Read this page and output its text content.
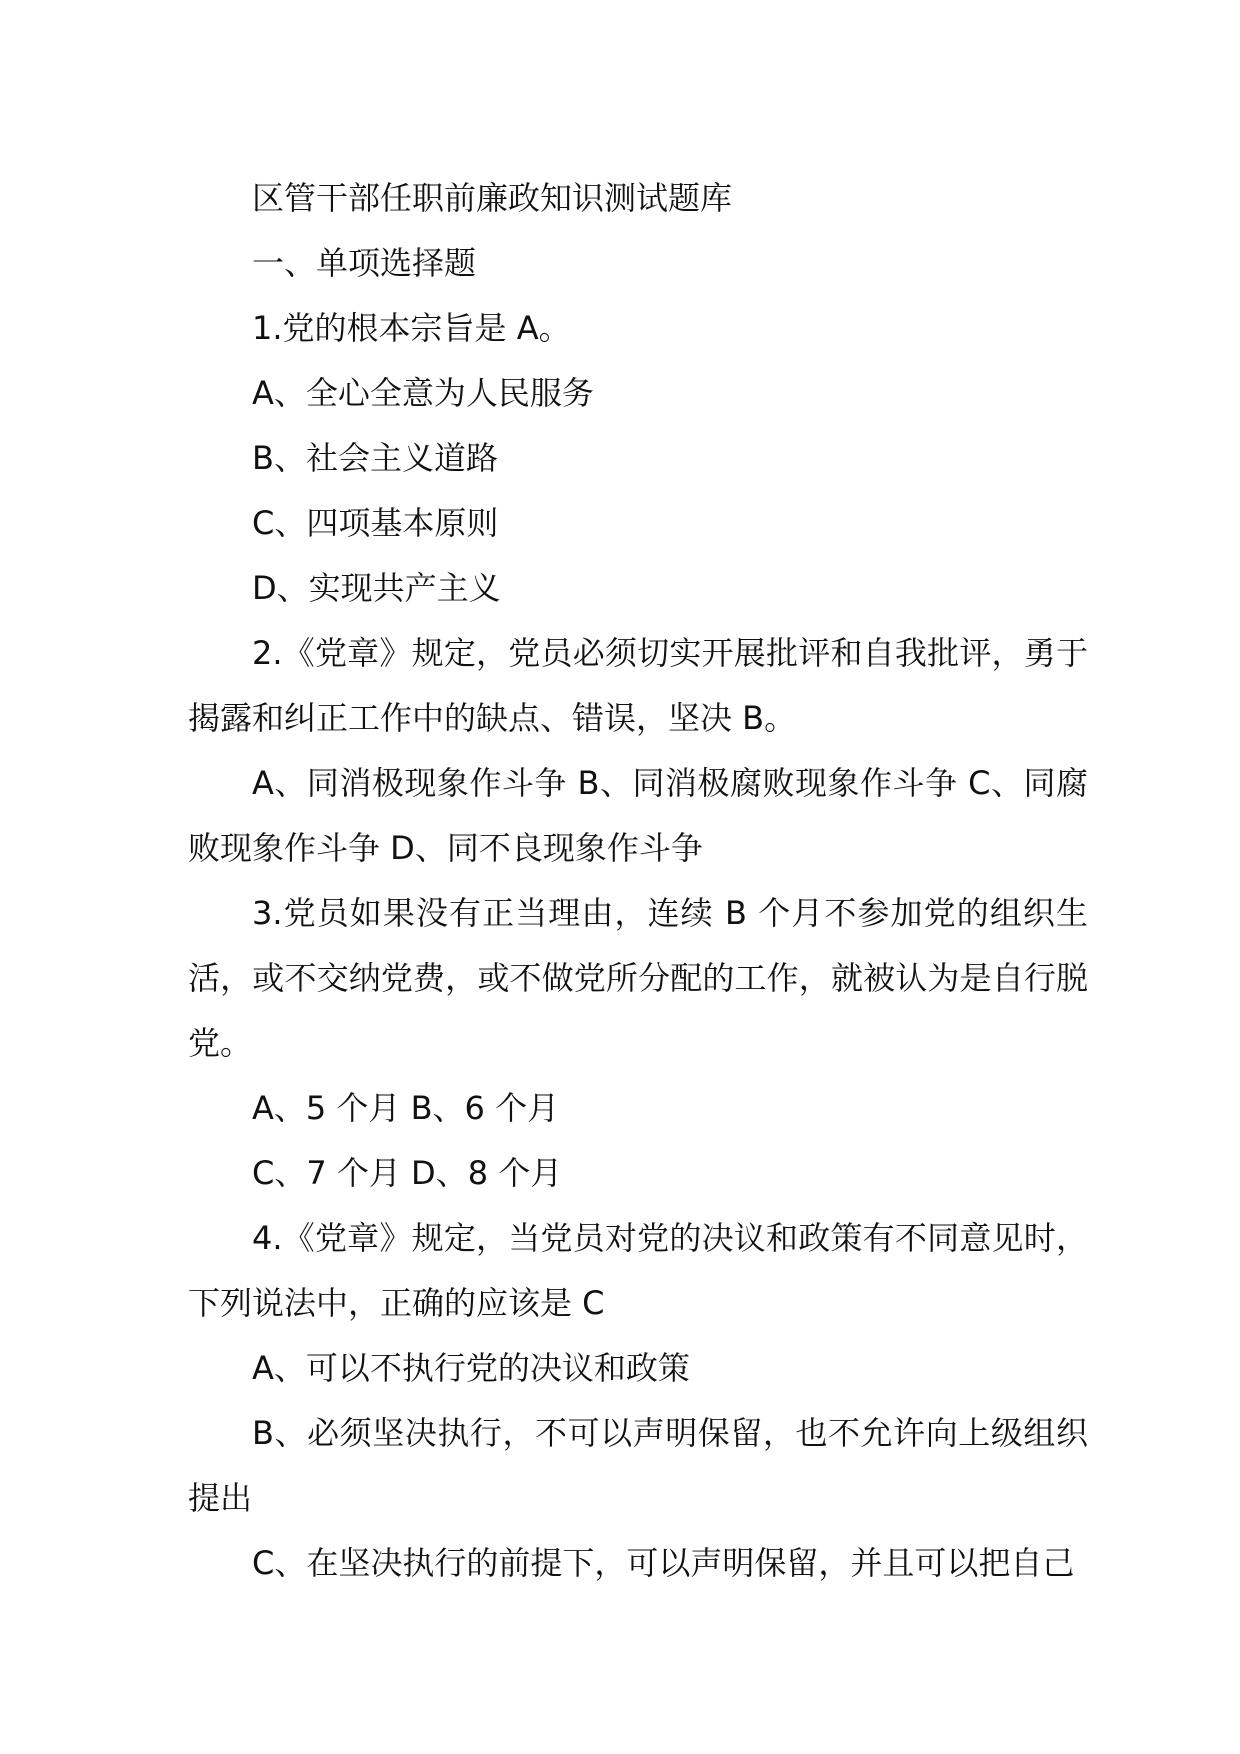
区管干部任职前廉政知识测试题库

一、单项选择题

1.党的根本宗旨是 A。

A、全心全意为人民服务

B、社会主义道路

C、四项基本原则

D、实现共产主义

2.《党章》规定，党员必须切实开展批评和自我批评，勇于揭露和纠正工作中的缺点、错误，坚决 B。

A、同消极现象作斗争 B、同消极腐败现象作斗争 C、同腐败现象作斗争 D、同不良现象作斗争

3.党员如果没有正当理由，连续 B 个月不参加党的组织生活，或不交纳党费，或不做党所分配的工作，就被认为是自行脱党。

A、5 个月 B、6 个月

C、7 个月 D、8 个月

4.《党章》规定，当党员对党的决议和政策有不同意见时，下列说法中，正确的应该是 C

A、可以不执行党的决议和政策

B、必须坚决执行，不可以声明保留，也不允许向上级组织提出

C、在坚决执行的前提下，可以声明保留，并且可以把自己
